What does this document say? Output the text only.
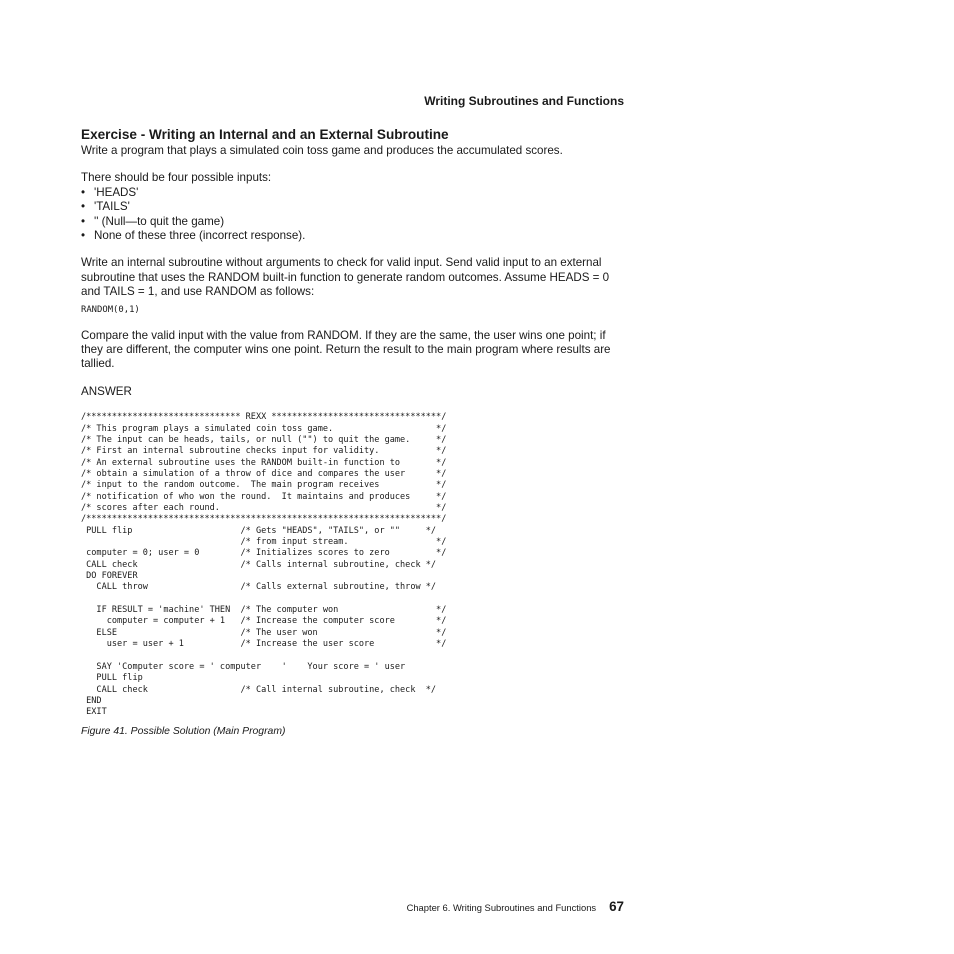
Writing Subroutines and Functions
Exercise - Writing an Internal and an External Subroutine

Write a program that plays a simulated coin toss game and produces the accumulated scores.

There should be four possible inputs:

• 'HEADS'
• 'TAILS'
• '' (Null—to quit the game)
• None of these three (incorrect response).

Write an internal subroutine without arguments to check for valid input. Send valid input to an external subroutine that uses the RANDOM built-in function to generate random outcomes. Assume HEADS = 0 and TAILS = 1, and use RANDOM as follows:

RANDOM(0,1)

Compare the valid input with the value from RANDOM. If they are the same, the user wins one point; if they are different, the computer wins one point. Return the result to the main program where results are tallied.

ANSWER

/****************************** REXX *********************************/
/* This program plays a simulated coin toss game.                    */
/* The input can be heads, tails, or null ("") to quit the game.     */
/* First an internal subroutine checks input for validity.           */
/* An external subroutine uses the RANDOM built-in function to       */
/* obtain a simulation of a throw of dice and compares the user      */
/* input to the random outcome.  The main program receives           */
/* notification of who won the round.  It maintains and produces     */
/* scores after each round.                                          */
/*********************************************************************/
PULL flip                     /* Gets "HEADS", "TAILS", or ""     */
/* from input stream.                 */
computer = 0; user = 0        /* Initializes scores to zero         */
CALL check                    /* Calls internal subroutine, check */
DO FOREVER
CALL throw                  /* Calls external subroutine, throw */
IF RESULT = 'machine' THEN  /* The computer won                   */
computer = computer + 1   /* Increase the computer score        */
ELSE                        /* The user won                       */
user = user + 1           /* Increase the user score            */
SAY 'Computer score = ' computer    '    Your score = ' user
PULL flip
CALL check                  /* Call internal subroutine, check  */
END
EXIT
Figure 41. Possible Solution (Main Program)
Chapter 6. Writing Subroutines and Functions 67
